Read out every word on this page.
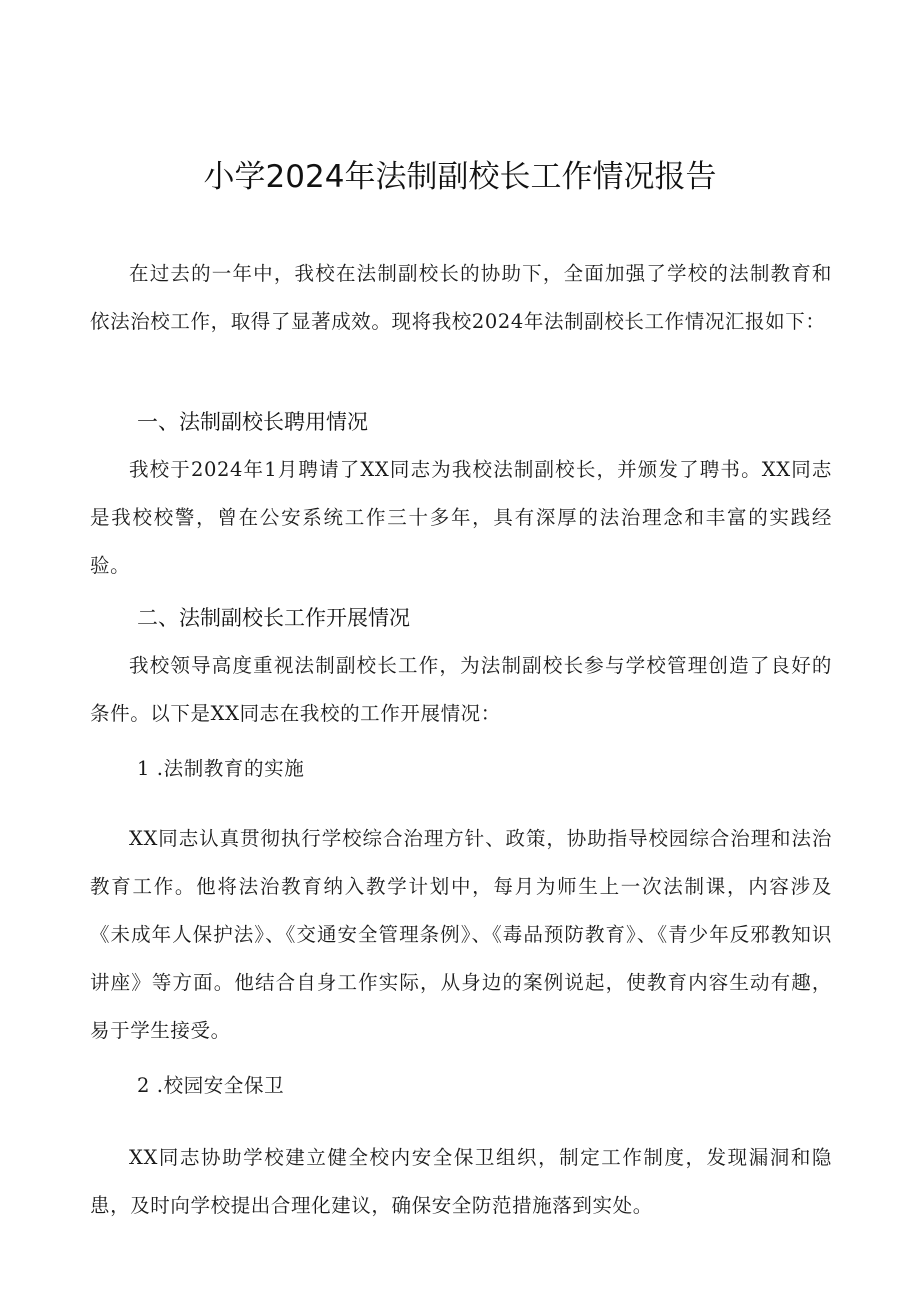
小学2024年法制副校长工作情况报告

在过去的一年中，我校在法制副校长的协助下，全面加强了学校的法制教育和依法治校工作，取得了显著成效。现将我校2024年法制副校长工作情况汇报如下：

一、法制副校长聘用情况

我校于2024年1月聘请了XX同志为我校法制副校长，并颁发了聘书。XX同志是我校校警，曾在公安系统工作三十多年，具有深厚的法治理念和丰富的实践经验。

二、法制副校长工作开展情况

我校领导高度重视法制副校长工作，为法制副校长参与学校管理创造了良好的条件。以下是XX同志在我校的工作开展情况：

1 .法制教育的实施

XX同志认真贯彻执行学校综合治理方针、政策，协助指导校园综合治理和法治教育工作。他将法治教育纳入教学计划中，每月为师生上一次法制课，内容涉及《未成年人保护法》、《交通安全管理条例》、《毒品预防教育》、《青少年反邪教知识讲座》等方面。他结合自身工作实际，从身边的案例说起，使教育内容生动有趣，易于学生接受。

2 .校园安全保卫

XX同志协助学校建立健全校内安全保卫组织，制定工作制度，发现漏洞和隐患，及时向学校提出合理化建议，确保安全防范措施落到实处。
